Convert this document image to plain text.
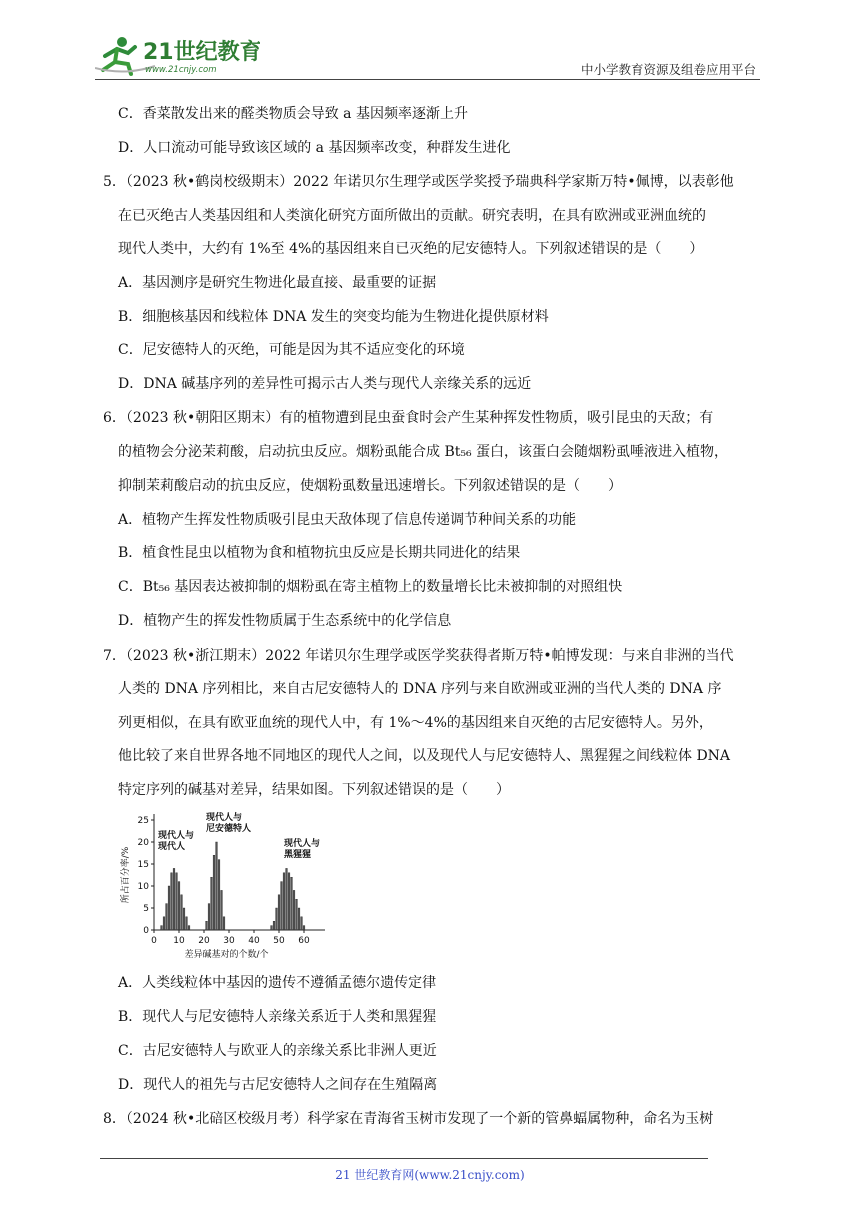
21世纪教育
www.21cnjy.com	中小学教育资源及组卷应用平台
C．香菜散发出来的醛类物质会导致 a 基因频率逐渐上升
D．人口流动可能导致该区域的 a 基因频率改变，种群发生进化
5．（2023 秋•鹤岗校级期末）2022 年诺贝尔生理学或医学奖授予瑞典科学家斯万特•佩博，以表彰他
在已灭绝古人类基因组和人类演化研究方面所做出的贡献。研究表明，在具有欧洲或亚洲血统的
现代人类中，大约有 1%至 4%的基因组来自已灭绝的尼安德特人。下列叙述错误的是（　　）
A．基因测序是研究生物进化最直接、最重要的证据
B．细胞核基因和线粒体 DNA 发生的突变均能为生物进化提供原材料
C．尼安德特人的灭绝，可能是因为其不适应变化的环境
D．DNA 碱基序列的差异性可揭示古人类与现代人亲缘关系的远近
6．（2023 秋•朝阳区期末）有的植物遭到昆虫蚕食时会产生某种挥发性物质，吸引昆虫的天敌；有
的植物会分泌茉莉酸，启动抗虫反应。烟粉虱能合成 Bt₅₆ 蛋白，该蛋白会随烟粉虱唾液进入植物，
抑制茉莉酸启动的抗虫反应，使烟粉虱数量迅速增长。下列叙述错误的是（　　）
A．植物产生挥发性物质吸引昆虫天敌体现了信息传递调节种间关系的功能
B．植食性昆虫以植物为食和植物抗虫反应是长期共同进化的结果
C．Bt₅₆ 基因表达被抑制的烟粉虱在寄主植物上的数量增长比未被抑制的对照组快
D．植物产生的挥发性物质属于生态系统中的化学信息
7．（2023 秋•浙江期末）2022 年诺贝尔生理学或医学奖获得者斯万特•帕博发现：与来自非洲的当代
人类的 DNA 序列相比，来自古尼安德特人的 DNA 序列与来自欧洲或亚洲的当代人类的 DNA 序
列更相似，在具有欧亚血统的现代人中，有 1%～4%的基因组来自灭绝的古尼安德特人。另外，
他比较了来自世界各地不同地区的现代人之间，以及现代人与尼安德特人、黑猩猩之间线粒体 DNA
特定序列的碱基对差异，结果如图。下列叙述错误的是（　　）
0
5
10
15
20
25
0 10 20 30 40 50 60
差异碱基对的个数/个
所占百分率/%
现代人与
现代人
现代人与
尼安德特人
现代人与
黑猩猩
A．人类线粒体中基因的遗传不遵循孟德尔遗传定律
B．现代人与尼安德特人亲缘关系近于人类和黑猩猩
C．古尼安德特人与欧亚人的亲缘关系比非洲人更近
D．现代人的祖先与古尼安德特人之间存在生殖隔离
8．（2024 秋•北碚区校级月考）科学家在青海省玉树市发现了一个新的管鼻蝠属物种，命名为玉树
21 世纪教育网(www.21cnjy.com)
